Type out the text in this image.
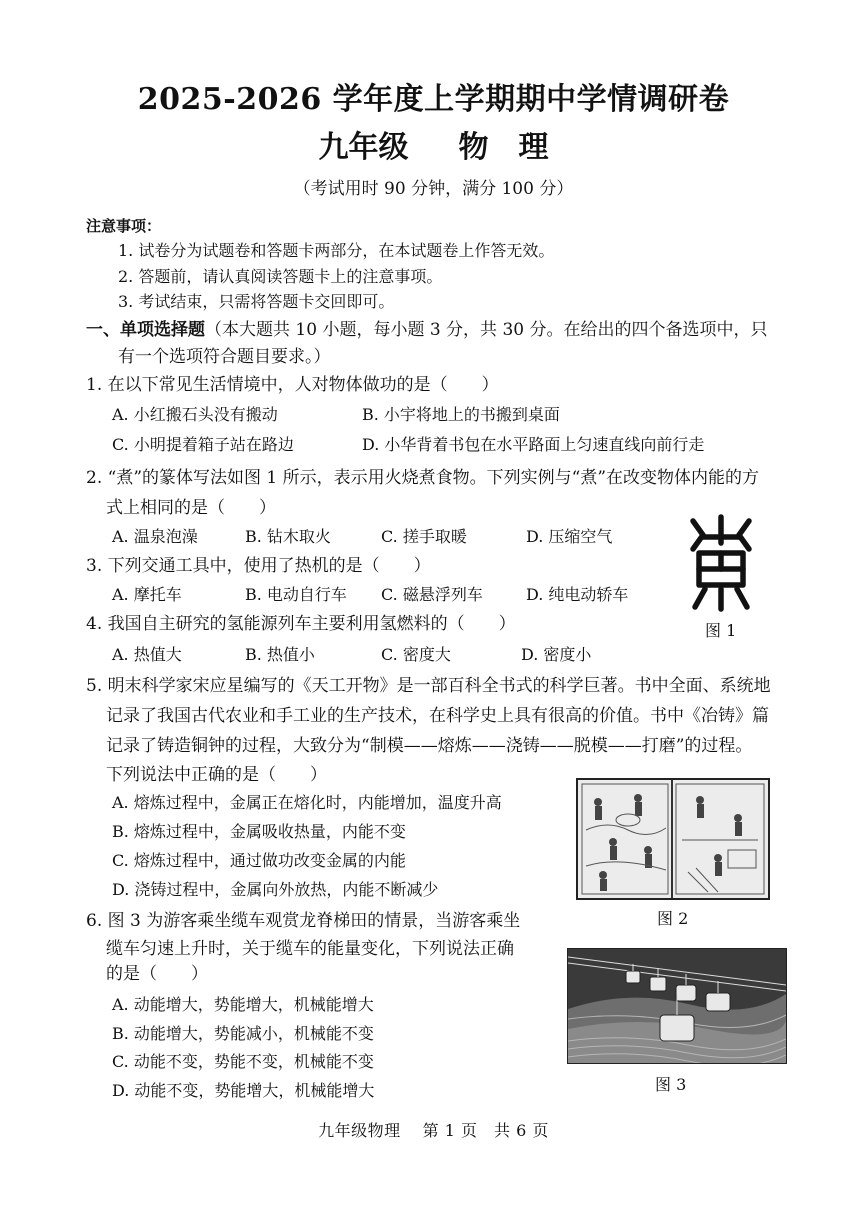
2025-2026 学年度上学期期中学情调研卷
九年级 物　理
（考试用时 90 分钟，满分 100 分）
注意事项：
1. 试卷分为试题卷和答题卡两部分，在本试题卷上作答无效。
2. 答题前，请认真阅读答题卡上的注意事项。
3. 考试结束，只需将答题卡交回即可。
一、单项选择题（本大题共 10 小题，每小题 3 分，共 30 分。在给出的四个备选项中，只
有一个选项符合题目要求。）
1. 在以下常见生活情境中，人对物体做功的是（　　）
A. 小红搬石头没有搬动	B. 小宇将地上的书搬到桌面
C. 小明提着箱子站在路边	D. 小华背着书包在水平路面上匀速直线向前行走
2. “煮”的篆体写法如图 1 所示，表示用火烧煮食物。下列实例与“煮”在改变物体内能的方
式上相同的是（　　）
A. 温泉泡澡	B. 钻木取火	C. 搓手取暖	D. 压缩空气
图 1
3. 下列交通工具中，使用了热机的是（　　）
A. 摩托车	B. 电动自行车 C. 磁悬浮列车	D. 纯电动轿车
4. 我国自主研究的氢能源列车主要利用氢燃料的（　　）
A. 热值大	B. 热值小	C. 密度大	D. 密度小
5. 明末科学家宋应星编写的《天工开物》是一部百科全书式的科学巨著。书中全面、系统地
记录了我国古代农业和手工业的生产技术，在科学史上具有很高的价值。书中《冶铸》篇
记录了铸造铜钟的过程，大致分为“制模——熔炼——浇铸——脱模——打磨”的过程。
下列说法中正确的是（　　）
A. 熔炼过程中，金属正在熔化时，内能增加，温度升高
B. 熔炼过程中，金属吸收热量，内能不变
C. 熔炼过程中，通过做功改变金属的内能
D. 浇铸过程中，金属向外放热，内能不断减少
图 2
6. 图 3 为游客乘坐缆车观赏龙脊梯田的情景，当游客乘坐
缆车匀速上升时，关于缆车的能量变化，下列说法正确
的是（　　）
A. 动能增大，势能增大，机械能增大
B. 动能增大，势能减小，机械能不变
C. 动能不变，势能不变，机械能不变
D. 动能不变，势能增大，机械能增大	图 3
九年级物理　 第 1 页　共 6 页
